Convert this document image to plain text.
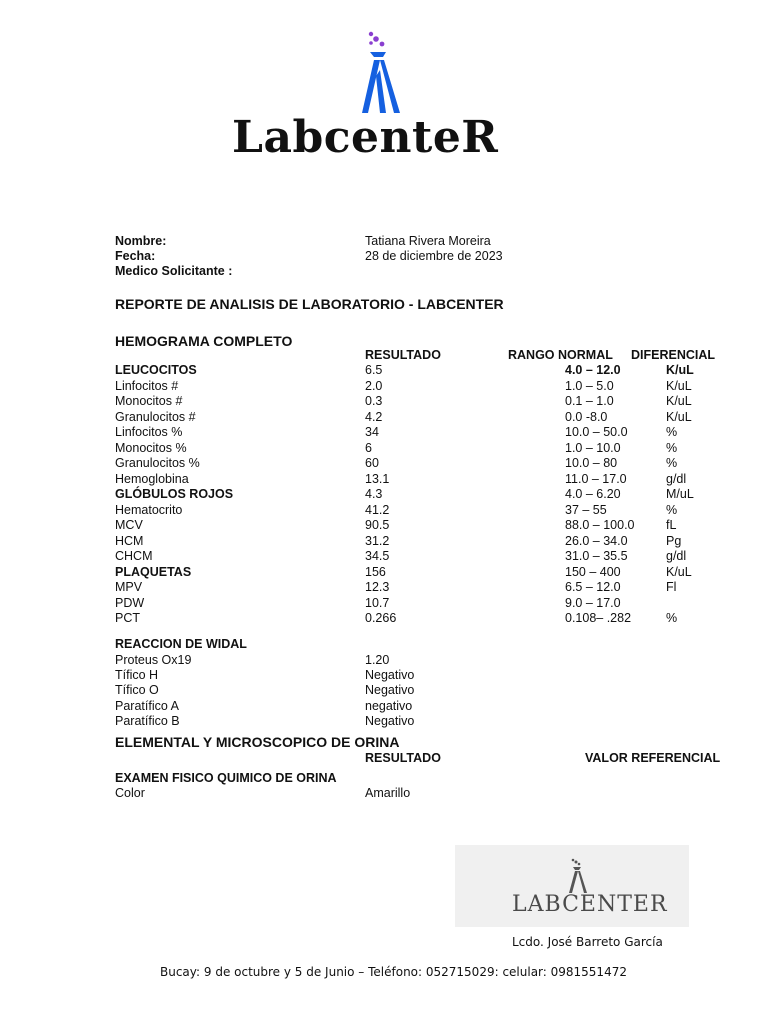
LabcenteR
Nombre:	Tatiana Rivera Moreira
Fecha:	28 de diciembre de 2023
Medico Solicitante :
REPORTE DE ANALISIS DE LABORATORIO - LABCENTER
HEMOGRAMA COMPLETO
RESULTADO	RANGO NORMAL DIFERENCIAL
LEUCOCITOS	6.5	4.0 – 12.0	K/uL
Linfocitos #	2.0	1.0 – 5.0	K/uL
Monocitos #	0.3	0.1 – 1.0	K/uL
Granulocitos #	4.2	0.0 -8.0	K/uL
Linfocitos %	34	10.0 – 50.0	%
Monocitos %	6	1.0 – 10.0	%
Granulocitos %	60	10.0 – 80	%
Hemoglobina	13.1	11.0 – 17.0	g/dl
GLÓBULOS ROJOS	4.3	4.0 – 6.20	M/uL
Hematocrito	41.2	37 – 55	%
MCV	90.5	88.0 – 100.0	fL
HCM	31.2	26.0 – 34.0	Pg
CHCM	34.5	31.0 – 35.5	g/dl
PLAQUETAS	156	150 – 400	K/uL
MPV	12.3	6.5 – 12.0	Fl
PDW	10.7	9.0 – 17.0
PCT	0.266	0.108– .282	%
REACCION DE WIDAL
Proteus Ox19	1.20
Tífico H	Negativo
Tífico O	Negativo
Paratífico A	negativo
Paratífico B	Negativo
ELEMENTAL Y MICROSCOPICO DE ORINA
RESULTADO	VALOR REFERENCIAL
EXAMEN FISICO QUIMICO DE ORINA
Color	Amarillo
LABCENTER
Lcdo. José Barreto García
Bucay: 9 de octubre y 5 de Junio – Teléfono: 052715029: celular: 0981551472
